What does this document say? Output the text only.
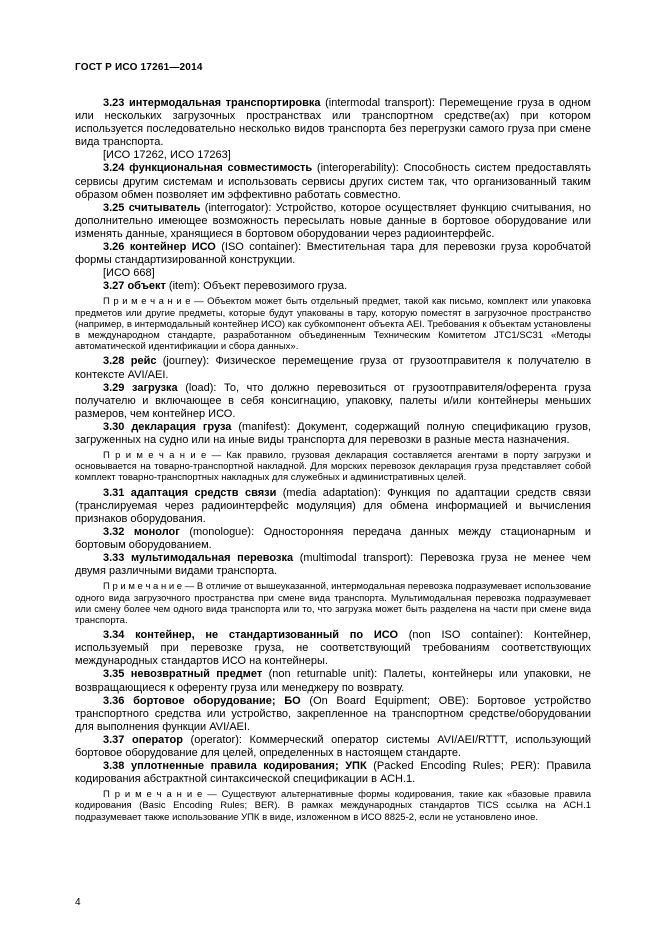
ГОСТ Р ИСО 17261—2014

3.23 интермодальная транспортировка (intermodal transport): Перемещение груза в одном или нескольких загрузочных пространствах или транспортном средстве(ах) при котором используется последовательно несколько видов транспорта без перегрузки самого груза при смене вида транспорта.

[ИСО 17262, ИСО 17263]

3.24 функциональная совместимость (interoperability): Способность систем предоставлять сервисы другим системам и использовать сервисы других систем так, что организованный таким образом обмен позволяет им эффективно работать совместно.

3.25 считыватель (interrogator): Устройство, которое осуществляет функцию считывания, но дополнительно имеющее возможность пересылать новые данные в бортовое оборудование или изменять данные, хранящиеся в бортовом оборудовании через радиоинтерфейс.

3.26 контейнер ИСО (ISO container): Вместительная тара для перевозки груза коробчатой формы стандартизированной конструкции.

[ИСО 668]

3.27 объект (item): Объект перевозимого груза.

П р и м е ч а н и е — Объектом может быть отдельный предмет, такой как письмо, комплект или упаковка предметов или другие предметы, которые будут упакованы в тару, которую поместят в загрузочное пространство (например, в интермодальный контейнер ИСО) как субкомпонент объекта AEI. Требования к объектам установлены в международном стандарте, разработанном объединенным Техническим Комитетом JTC1/SC31 «Методы автоматической идентификации и сбора данных».

3.28 рейс (journey): Физическое перемещение груза от грузоотправителя к получателю в контексте AVI/AEI.

3.29 загрузка (load): То, что должно перевозиться от грузоотправителя/оферента груза получателю и включающее в себя консигнацию, упаковку, палеты и/или контейнеры меньших размеров, чем контейнер ИСО.

3.30 декларация груза (manifest): Документ, содержащий полную спецификацию грузов, загруженных на судно или на иные виды транспорта для перевозки в разные места назначения.

П р и м е ч а н и е — Как правило, грузовая декларация составляется агентами в порту загрузки и основывается на товарно-транспортной накладной. Для морских перевозок декларация груза представляет собой комплект товарно-транспортных накладных для служебных и административных целей.

3.31 адаптация средств связи (media adaptation): Функция по адаптации средств связи (транслируемая через радиоинтерфейс модуляция) для обмена информацией и вычисления признаков оборудования.

3.32 монолог (monologue): Односторонняя передача данных между стационарным и бортовым оборудованием.

3.33 мультимодальная перевозка (multimodal transport): Перевозка груза не менее чем двумя различными видами транспорта.

П р и м е ч а н и е — В отличие от вышеуказанной, интермодальная перевозка подразумевает использование одного вида загрузочного пространства при смене вида транспорта. Мультимодальная перевозка подразумевает или смену более чем одного вида транспорта или то, что загрузка может быть разделена на части при смене вида транспорта.

3.34 контейнер, не стандартизованный по ИСО (non ISO container): Контейнер, используемый при перевозке груза, не соответствующий требованиям соответствующих международных стандартов ИСО на контейнеры.

3.35 невозвратный предмет (non returnable unit): Палеты, контейнеры или упаковки, не возвращающиеся к оференту груза или менеджеру по возврату.

3.36 бортовое оборудование; БО (On Board Equipment; OBE): Бортовое устройство транспортного средства или устройство, закрепленное на транспортном средстве/оборудовании для выполнения функции AVI/AEI.

3.37 оператор (operator): Коммерческий оператор системы AVI/AEI/RTTT, использующий бортовое оборудование для целей, определенных в настоящем стандарте.

3.38 уплотненные правила кодирования; УПК (Packed Encoding Rules; PER): Правила кодирования абстрактной синтаксической спецификации в АСН.1.

П р и м е ч а н и е — Существуют альтернативные формы кодирования, такие как «базовые правила кодирования (Basic Encoding Rules; BER). В рамках международных стандартов TICS ссылка на АСН.1 подразумевает также использование УПК в виде, изложенном в ИСО 8825-2, если не установлено иное.

4
